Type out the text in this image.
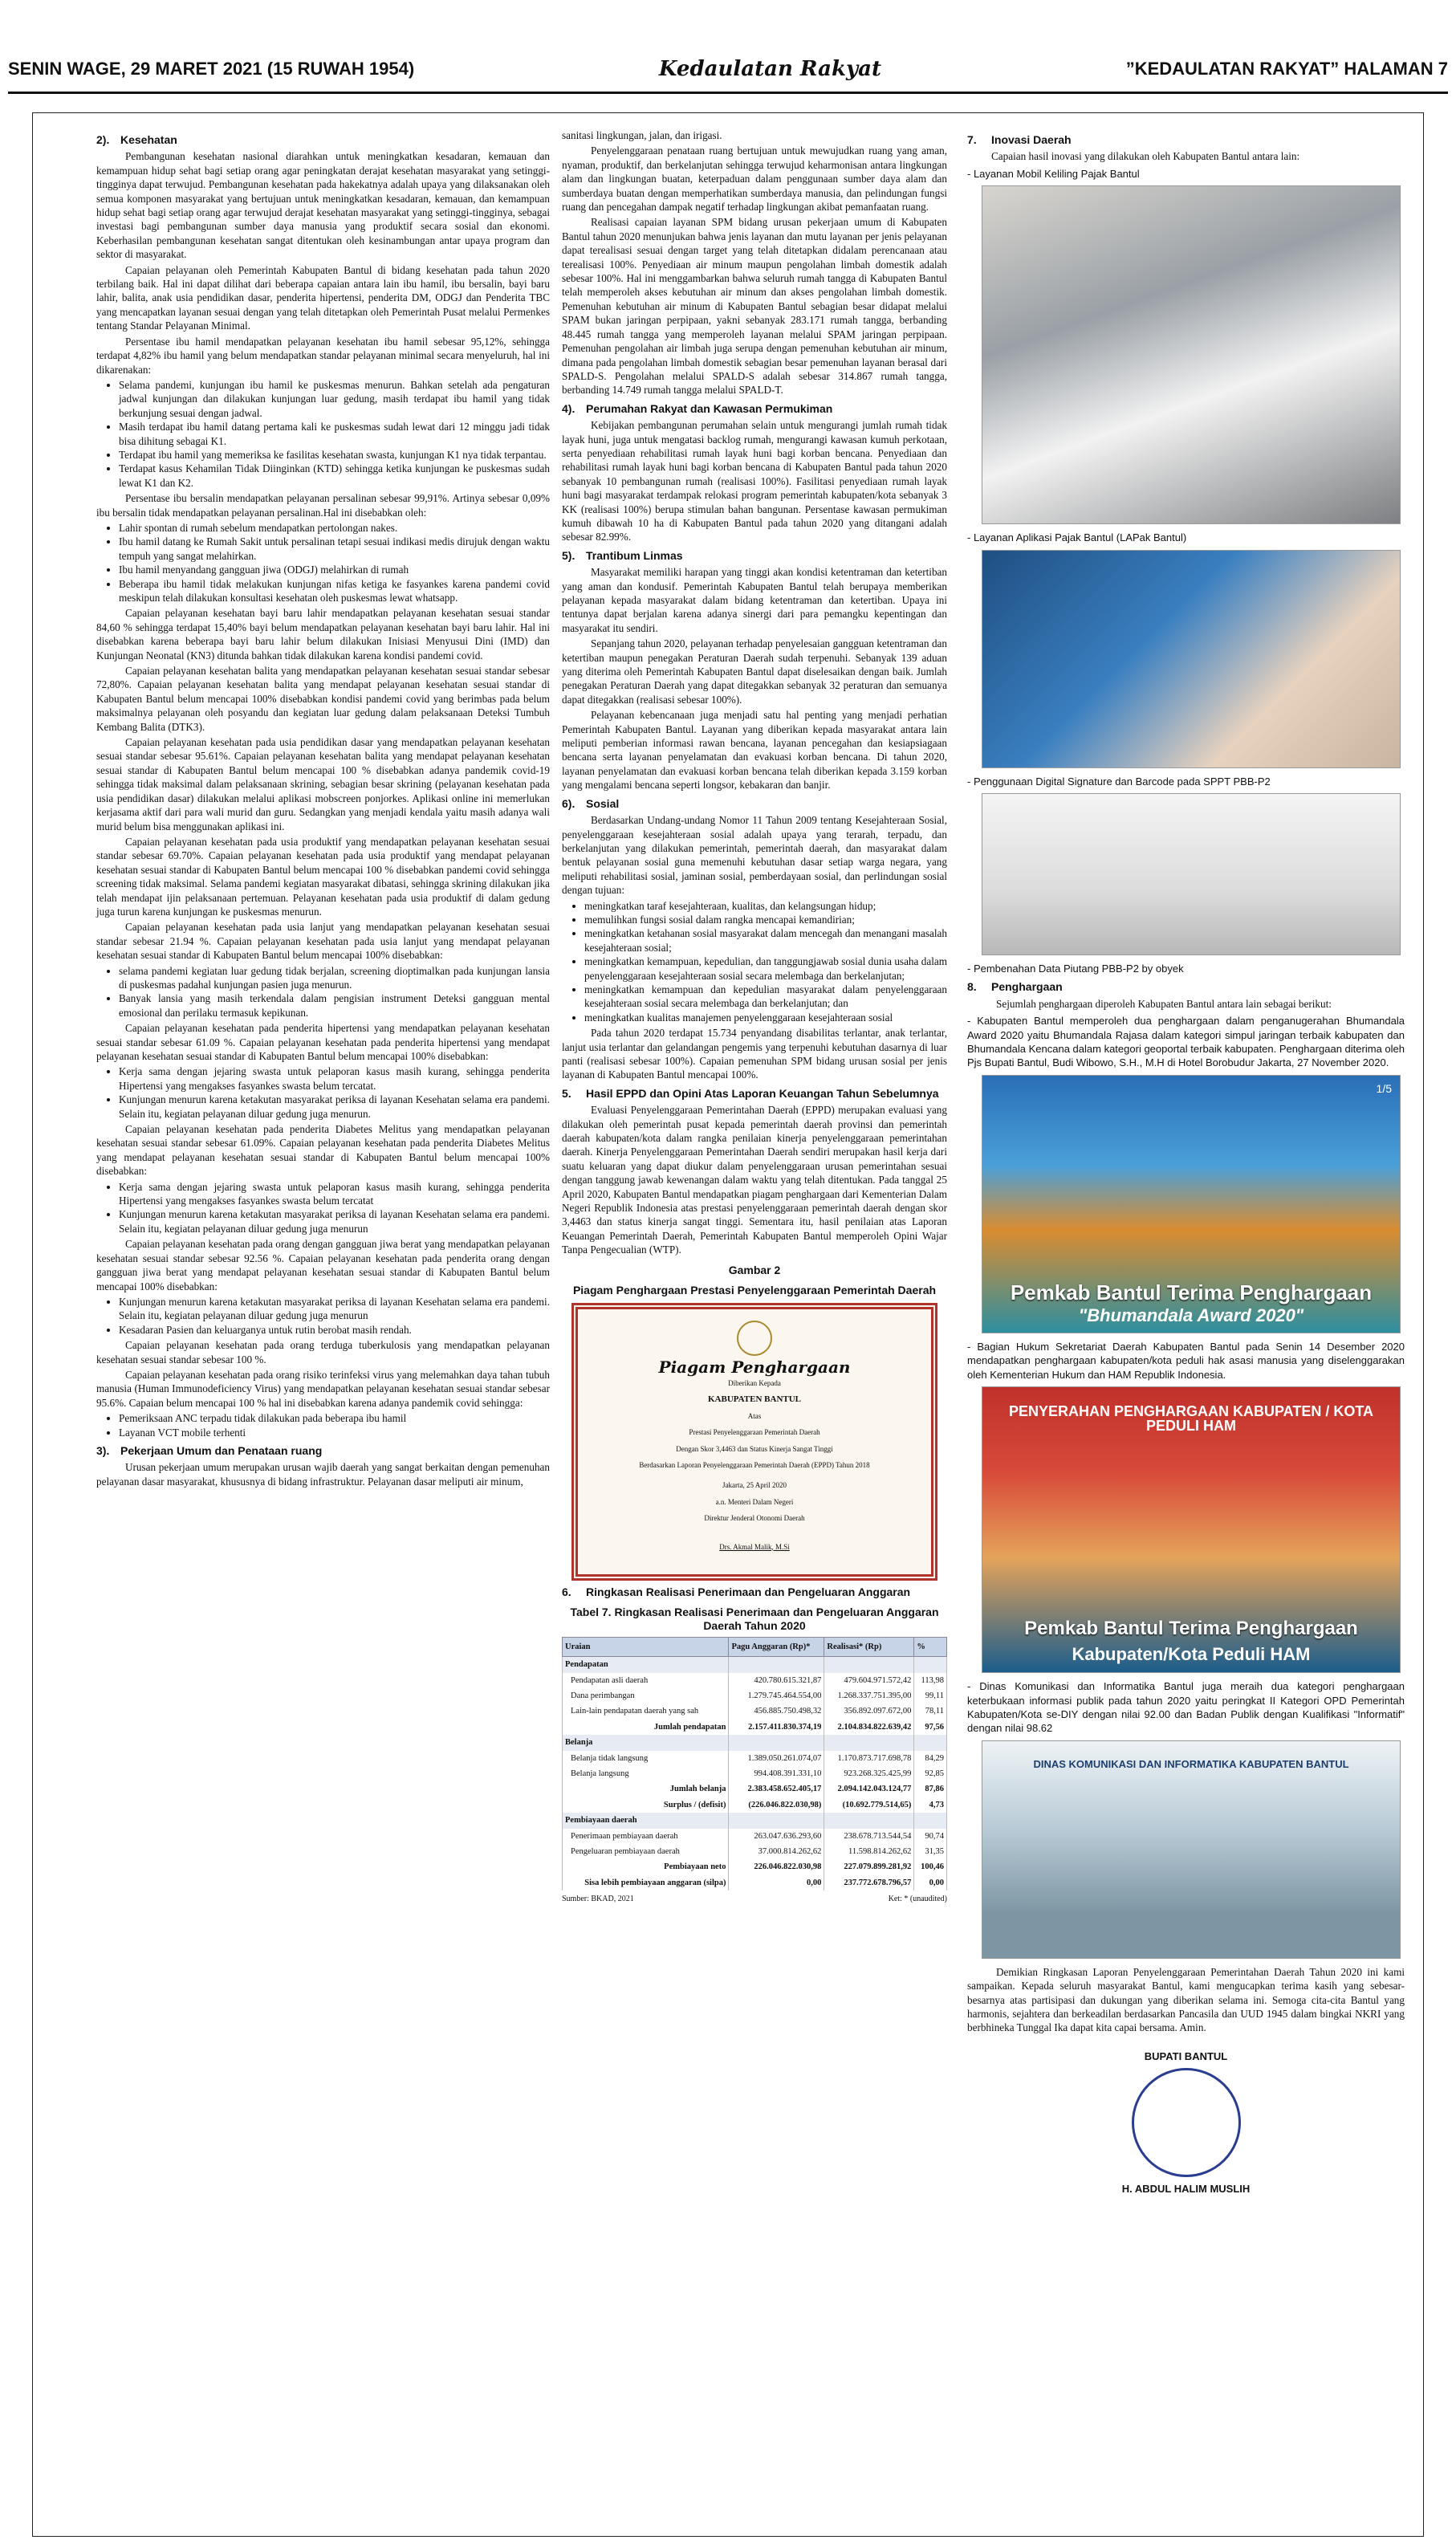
SENIN WAGE, 29 MARET 2021 (15 RUWAH 1954)	Kedaulatan Rakyat	”KEDAULATAN RAKYAT” HALAMAN 7
2). Kesehatan

Pembangunan kesehatan nasional diarahkan untuk meningkatkan kesadaran, kemauan dan kemampuan hidup sehat bagi setiap orang agar peningkatan derajat kesehatan masyarakat yang setinggi-tingginya dapat terwujud. Pembangunan kesehatan pada hakekatnya adalah upaya yang dilaksanakan oleh semua komponen masyarakat yang bertujuan untuk meningkatkan kesadaran, kemauan, dan kemampuan hidup sehat bagi setiap orang agar terwujud derajat kesehatan masyarakat yang setinggi-tingginya, sebagai investasi bagi pembangunan sumber daya manusia yang produktif secara sosial dan ekonomi. Keberhasilan pembangunan kesehatan sangat ditentukan oleh kesinambungan antar upaya program dan sektor di masyarakat.

Capaian pelayanan oleh Pemerintah Kabupaten Bantul di bidang kesehatan pada tahun 2020 terbilang baik. Hal ini dapat dilihat dari beberapa capaian antara lain ibu hamil, ibu bersalin, bayi baru lahir, balita, anak usia pendidikan dasar, penderita hipertensi, penderita DM, ODGJ dan Penderita TBC yang mencapatkan layanan sesuai dengan yang telah ditetapkan oleh Pemerintah Pusat melalui Permenkes tentang Standar Pelayanan Minimal.

Persentase ibu hamil mendapatkan pelayanan kesehatan ibu hamil sebesar 95,12%, sehingga terdapat 4,82% ibu hamil yang belum mendapatkan standar pelayanan minimal secara menyeluruh, hal ini dikarenakan:

• Selama pandemi, kunjungan ibu hamil ke puskesmas menurun. Bahkan setelah ada pengaturan jadwal kunjungan dan dilakukan kunjungan luar gedung, masih terdapat ibu hamil yang tidak berkunjung sesuai dengan jadwal.
• Masih terdapat ibu hamil datang pertama kali ke puskesmas sudah lewat dari 12 minggu jadi tidak bisa dihitung sebagai K1.
• Terdapat ibu hamil yang memeriksa ke fasilitas kesehatan swasta, kunjungan K1 nya tidak terpantau.
• Terdapat kasus Kehamilan Tidak Diinginkan (KTD) sehingga ketika kunjungan ke puskesmas sudah lewat K1 dan K2.

Persentase ibu bersalin mendapatkan pelayanan persalinan sebesar 99,91%. Artinya sebesar 0,09% ibu bersalin tidak mendapatkan pelayanan persalinan.Hal ini disebabkan oleh:

• Lahir spontan di rumah sebelum mendapatkan pertolongan nakes.
• Ibu hamil datang ke Rumah Sakit untuk persalinan tetapi sesuai indikasi medis dirujuk dengan waktu tempuh yang sangat melahirkan.
• Ibu hamil menyandang gangguan jiwa (ODGJ) melahirkan di rumah
• Beberapa ibu hamil tidak melakukan kunjungan nifas ketiga ke fasyankes karena pandemi covid meskipun telah dilakukan konsultasi kesehatan oleh puskesmas lewat whatsapp.

Capaian pelayanan kesehatan bayi baru lahir mendapatkan pelayanan kesehatan sesuai standar 84,60 % sehingga terdapat 15,40% bayi belum mendapatkan pelayanan kesehatan bayi baru lahir. Hal ini disebabkan karena beberapa bayi baru lahir belum dilakukan Inisiasi Menyusui Dini (IMD) dan Kunjungan Neonatal (KN3) ditunda bahkan tidak dilakukan karena kondisi pandemi covid.

Capaian pelayanan kesehatan balita yang mendapatkan pelayanan kesehatan sesuai standar sebesar 72,80%. Capaian pelayanan kesehatan balita yang mendapat pelayanan kesehatan sesuai standar di Kabupaten Bantul belum mencapai 100% disebabkan kondisi pandemi covid yang berimbas pada belum maksimalnya pelayanan oleh posyandu dan kegiatan luar gedung dalam pelaksanaan Deteksi Tumbuh Kembang Balita (DTK3).

Capaian pelayanan kesehatan pada usia pendidikan dasar yang mendapatkan pelayanan kesehatan sesuai standar sebesar 95.61%. Capaian pelayanan kesehatan balita yang mendapat pelayanan kesehatan sesuai standar di Kabupaten Bantul belum mencapai 100 % disebabkan adanya pandemik covid-19 sehingga tidak maksimal dalam pelaksanaan skrining, sebagian besar skrining (pelayanan kesehatan pada usia pendidikan dasar) dilakukan melalui aplikasi mobscreen ponjorkes. Aplikasi online ini memerlukan kerjasama aktif dari para wali murid dan guru. Sedangkan yang menjadi kendala yaitu masih adanya wali murid belum bisa menggunakan aplikasi ini.

Capaian pelayanan kesehatan pada usia produktif yang mendapatkan pelayanan kesehatan sesuai standar sebesar 69.70%. Capaian pelayanan kesehatan pada usia produktif yang mendapat pelayanan kesehatan sesuai standar di Kabupaten Bantul belum mencapai 100 % disebabkan pandemi covid sehingga screening tidak maksimal. Selama pandemi kegiatan masyarakat dibatasi, sehingga skrining dilakukan jika telah mendapat ijin pelaksanaan pertemuan. Pelayanan kesehatan pada usia produktif di dalam gedung juga turun karena kunjungan ke puskesmas menurun.

Capaian pelayanan kesehatan pada usia lanjut yang mendapatkan pelayanan kesehatan sesuai standar sebesar 21.94 %. Capaian pelayanan kesehatan pada usia lanjut yang mendapat pelayanan kesehatan sesuai standar di Kabupaten Bantul belum mencapai 100% disebabkan:

• selama pandemi kegiatan luar gedung tidak berjalan, screening dioptimalkan pada kunjungan lansia di puskesmas padahal kunjungan pasien juga menurun.
• Banyak lansia yang masih terkendala dalam pengisian instrument Deteksi gangguan mental emosional dan perilaku termasuk kepikunan.

Capaian pelayanan kesehatan pada penderita hipertensi yang mendapatkan pelayanan kesehatan sesuai standar sebesar 61.09 %. Capaian pelayanan kesehatan pada penderita hipertensi yang mendapat pelayanan kesehatan sesuai standar di Kabupaten Bantul belum mencapai 100% disebabkan:

• Kerja sama dengan jejaring swasta untuk pelaporan kasus masih kurang, sehingga penderita Hipertensi yang mengakses fasyankes swasta belum tercatat.
• Kunjungan menurun karena ketakutan masyarakat periksa di layanan Kesehatan selama era pandemi. Selain itu, kegiatan pelayanan diluar gedung juga menurun.

Capaian pelayanan kesehatan pada penderita Diabetes Melitus yang mendapatkan pelayanan kesehatan sesuai standar sebesar 61.09%. Capaian pelayanan kesehatan pada penderita Diabetes Melitus yang mendapat pelayanan kesehatan sesuai standar di Kabupaten Bantul belum mencapai 100% disebabkan:

• Kerja sama dengan jejaring swasta untuk pelaporan kasus masih kurang, sehingga penderita Hipertensi yang mengakses fasyankes swasta belum tercatat
• Kunjungan menurun karena ketakutan masyarakat periksa di layanan Kesehatan selama era pandemi. Selain itu, kegiatan pelayanan diluar gedung juga menurun

Capaian pelayanan kesehatan pada orang dengan gangguan jiwa berat yang mendapatkan pelayanan kesehatan sesuai standar sebesar 92.56 %. Capaian pelayanan kesehatan pada penderita orang dengan gangguan jiwa berat yang mendapat pelayanan kesehatan sesuai standar di Kabupaten Bantul belum mencapai 100% disebabkan:

• Kunjungan menurun karena ketakutan masyarakat periksa di layanan Kesehatan selama era pandemi. Selain itu, kegiatan pelayanan diluar gedung juga menurun
• Kesadaran Pasien dan keluarganya untuk rutin berobat masih rendah.

Capaian pelayanan kesehatan pada orang terduga tuberkulosis yang mendapatkan pelayanan kesehatan sesuai standar sebesar 100 %.

Capaian pelayanan kesehatan pada orang risiko terinfeksi virus yang melemahkan daya tahan tubuh manusia (Human Immunodeficiency Virus) yang mendapatkan pelayanan kesehatan sesuai standar sebesar 95.6%. Capaian belum mencapai 100 % hal ini disebabkan karena adanya pandemik covid sehingga:

• Pemeriksaan ANC terpadu tidak dilakukan pada beberapa ibu hamil
• Layanan VCT mobile terhenti
3). Pekerjaan Umum dan Penataan ruang

Urusan pekerjaan umum merupakan urusan wajib daerah yang sangat berkaitan dengan pemenuhan pelayanan dasar masyarakat, khususnya di bidang infrastruktur. Pelayanan dasar meliputi air minum,

sanitasi lingkungan, jalan, dan irigasi.

Penyelenggaraan penataan ruang bertujuan untuk mewujudkan ruang yang aman, nyaman, produktif, dan berkelanjutan sehingga terwujud keharmonisan antara lingkungan alam dan lingkungan buatan, keterpaduan dalam penggunaan sumber daya alam dan sumberdaya buatan dengan memperhatikan sumberdaya manusia, dan pelindungan fungsi ruang dan pencegahan dampak negatif terhadap lingkungan akibat pemanfaatan ruang.

Realisasi capaian layanan SPM bidang urusan pekerjaan umum di Kabupaten Bantul tahun 2020 menunjukan bahwa jenis layanan dan mutu layanan per jenis pelayanan dapat terealisasi sesuai dengan target yang telah ditetapkan didalam perencanaan atau terealisasi 100%. Penyediaan air minum maupun pengolahan limbah domestik adalah sebesar 100%. Hal ini menggambarkan bahwa seluruh rumah tangga di Kabupaten Bantul telah memperoleh akses kebutuhan air minum dan akses pengolahan limbah domestik. Pemenuhan kebutuhan air minum di Kabupaten Bantul sebagian besar didapat melalui SPAM bukan jaringan perpipaan, yakni sebanyak 283.171 rumah tangga, berbanding 48.445 rumah tangga yang memperoleh layanan melalui SPAM jaringan perpipaan. Pemenuhan pengolahan air limbah juga serupa dengan pemenuhan kebutuhan air minum, dimana pada pengolahan limbah domestik sebagian besar pemenuhan layanan berasal dari SPALD-S. Pengolahan melalui SPALD-S adalah sebesar 314.867 rumah tangga, berbanding 14.749 rumah tangga melalui SPALD-T.

4). Perumahan Rakyat dan Kawasan Permukiman

Kebijakan pembangunan perumahan selain untuk mengurangi jumlah rumah tidak layak huni, juga untuk mengatasi backlog rumah, mengurangi kawasan kumuh perkotaan, serta penyediaan rehabilitasi rumah layak huni bagi korban bencana. Penyediaan dan rehabilitasi rumah layak huni bagi korban bencana di Kabupaten Bantul pada tahun 2020 sebanyak 10 pembangunan rumah (realisasi 100%). Fasilitasi penyediaan rumah layak huni bagi masyarakat terdampak relokasi program pemerintah kabupaten/kota sebanyak 3 KK (realisasi 100%) berupa stimulan bahan bangunan. Persentase kawasan permukiman kumuh dibawah 10 ha di Kabupaten Bantul pada tahun 2020 yang ditangani adalah sebesar 82.99%.

5). Trantibum Linmas

Masyarakat memiliki harapan yang tinggi akan kondisi ketentraman dan ketertiban yang aman dan kondusif. Pemerintah Kabupaten Bantul telah berupaya memberikan pelayanan kepada masyarakat dalam bidang ketentraman dan ketertiban. Upaya ini tentunya dapat berjalan karena adanya sinergi dari para pemangku kepentingan dan masyarakat itu sendiri.

Sepanjang tahun 2020, pelayanan terhadap penyelesaian gangguan ketentraman dan ketertiban maupun penegakan Peraturan Daerah sudah terpenuhi. Sebanyak 139 aduan yang diterima oleh Pemerintah Kabupaten Bantul dapat diselesaikan dengan baik. Jumlah penegakan Peraturan Daerah yang dapat ditegakkan sebanyak 32 peraturan dan semuanya dapat ditegakkan (realisasi sebesar 100%).

Pelayanan kebencanaan juga menjadi satu hal penting yang menjadi perhatian Pemerintah Kabupaten Bantul. Layanan yang diberikan kepada masyarakat antara lain meliputi pemberian informasi rawan bencana, layanan pencegahan dan kesiapsiagaan bencana serta layanan penyelamatan dan evakuasi korban bencana. Di tahun 2020, layanan penyelamatan dan evakuasi korban bencana telah diberikan kepada 3.159 korban yang mengalami bencana seperti longsor, kebakaran dan banjir.

6). Sosial

Berdasarkan Undang-undang Nomor 11 Tahun 2009 tentang Kesejahteraan Sosial, penyelenggaraan kesejahteraan sosial adalah upaya yang terarah, terpadu, dan berkelanjutan yang dilakukan pemerintah, pemerintah daerah, dan masyarakat dalam bentuk pelayanan sosial guna memenuhi kebutuhan dasar setiap warga negara, yang meliputi rehabilitasi sosial, jaminan sosial, pemberdayaan sosial, dan perlindungan sosial dengan tujuan:

• meningkatkan taraf kesejahteraan, kualitas, dan kelangsungan hidup;
• memulihkan fungsi sosial dalam rangka mencapai kemandirian;
• meningkatkan ketahanan sosial masyarakat dalam mencegah dan menangani masalah kesejahteraan sosial;
• meningkatkan kemampuan, kepedulian, dan tanggungjawab sosial dunia usaha dalam penyelenggaraan kesejahteraan sosial secara melembaga dan berkelanjutan;
• meningkatkan kemampuan dan kepedulian masyarakat dalam penyelenggaraan kesejahteraan sosial secara melembaga dan berkelanjutan; dan
• meningkatkan kualitas manajemen penyelenggaraan kesejahteraan sosial

Pada tahun 2020 terdapat 15.734 penyandang disabilitas terlantar, anak terlantar, lanjut usia terlantar dan gelandangan pengemis yang terpenuhi kebutuhan dasarnya di luar panti (realisasi sebesar 100%). Capaian pemenuhan SPM bidang urusan sosial per jenis layanan di Kabupaten Bantul mencapai 100%.

5. Hasil EPPD dan Opini Atas Laporan Keuangan Tahun Sebelumnya

Evaluasi Penyelenggaraan Pemerintahan Daerah (EPPD) merupakan evaluasi yang dilakukan oleh pemerintah pusat kepada pemerintah daerah provinsi dan pemerintah daerah kabupaten/kota dalam rangka penilaian kinerja penyelenggaraan pemerintahan daerah. Kinerja Penyelenggaraan Pemerintahan Daerah sendiri merupakan hasil kerja dari suatu keluaran yang dapat diukur dalam penyelenggaraan urusan pemerintahan sesuai dengan tanggung jawab kewenangan dalam waktu yang telah ditentukan. Pada tanggal 25 April 2020, Kabupaten Bantul mendapatkan piagam penghargaan dari Kementerian Dalam Negeri Republik Indonesia atas prestasi penyelenggaraan pemerintah daerah dengan skor 3,4463 dan status kinerja sangat tinggi. Sementara itu, hasil penilaian atas Laporan Keuangan Pemerintah Daerah, Pemerintah Kabupaten Bantul memperoleh Opini Wajar Tanpa Pengecualian (WTP).

Gambar 2
Piagam Penghargaan Prestasi Penyelenggaraan Pemerintah Daerah
Piagam Penghargaan
Diberikan Kepada
KABUPATEN BANTUL
Atas
Prestasi Penyelenggaraan Pemerintah Daerah
Dengan Skor 3,4463 dan Status Kinerja Sangat Tinggi
Berdasarkan Laporan Penyelenggaraan Pemerintah Daerah (EPPD) Tahun 2018
Jakarta, 25 April 2020
a.n. Menteri Dalam Negeri
Direktur Jenderal Otonomi Daerah
Drs. Akmal Malik, M.Si
6. Ringkasan Realisasi Penerimaan dan Pengeluaran Anggaran
Tabel 7. Ringkasan Realisasi Penerimaan dan Pengeluaran Anggaran Daerah Tahun 2020
Uraian	Pagu Anggaran (Rp)*	Realisasi* (Rp)	%
Pendapatan			
Pendapatan asli daerah	420.780.615.321,87	479.604.971.572,42	113,98
Dana perimbangan	1.279.745.464.554,00	1.268.337.751.395,00	99,11
Lain-lain pendapatan daerah yang sah	456.885.750.498,32	356.892.097.672,00	78,11
Jumlah pendapatan	2.157.411.830.374,19	2.104.834.822.639,42	97,56
Belanja			
Belanja tidak langsung	1.389.050.261.074,07	1.170.873.717.698,78	84,29
Belanja langsung	994.408.391.331,10	923.268.325.425,99	92,85
Jumlah belanja	2.383.458.652.405,17	2.094.142.043.124,77	87,86
Surplus / (defisit)	(226.046.822.030,98)	(10.692.779.514,65)	4,73
Pembiayaan daerah			
Penerimaan pembiayaan daerah	263.047.636.293,60	238.678.713.544,54	90,74
Pengeluaran pembiayaan daerah	37.000.814.262,62	11.598.814.262,62	31,35
Pembiayaan neto	226.046.822.030,98	227.079.899.281,92	100,46
Sisa lebih pembiayaan anggaran (silpa)	0,00	237.772.678.796,57	0,00
Sumber: BKAD, 2021	Ket: * (unaudited)
7. Inovasi Daerah

Capaian hasil inovasi yang dilakukan oleh Kabupaten Bantul antara lain:

- Layanan Mobil Keliling Pajak Bantul
- Layanan Aplikasi Pajak Bantul (LAPak Bantul)
- Penggunaan Digital Signature dan Barcode pada SPPT PBB-P2
- Pembenahan Data Piutang PBB-P2 by obyek
8. Penghargaan

Sejumlah penghargaan diperoleh Kabupaten Bantul antara lain sebagai berikut:

- Kabupaten Bantul memperoleh dua penghargaan dalam penganugerahan Bhumandala Award 2020 yaitu Bhumandala Rajasa dalam kategori simpul jaringan terbaik kabupaten dan Bhumandala Kencana dalam kategori geoportal terbaik kabupaten. Penghargaan diterima oleh Pjs Bupati Bantul, Budi Wibowo, S.H., M.H di Hotel Borobudur Jakarta, 27 November 2020.
1/5
Pemkab Bantul Terima Penghargaan
"Bhumandala Award 2020"
- Bagian Hukum Sekretariat Daerah Kabupaten Bantul pada Senin 14 Desember 2020 mendapatkan penghargaan kabupaten/kota peduli hak asasi manusia yang diselenggarakan oleh Kementerian Hukum dan HAM Republik Indonesia.
PENYERAHAN PENGHARGAAN KABUPATEN / KOTA PEDULI HAM
Pemkab Bantul Terima Penghargaan
Kabupaten/Kota Peduli HAM
- Dinas Komunikasi dan Informatika Bantul juga meraih dua kategori penghargaan keterbukaan informasi publik pada tahun 2020 yaitu peringkat II Kategori OPD Pemerintah Kabupaten/Kota se-DIY dengan nilai 92.00 dan Badan Publik dengan Kualifikasi "Informatif" dengan nilai 98.62
DINAS KOMUNIKASI DAN INFORMATIKA KABUPATEN BANTUL

Demikian Ringkasan Laporan Penyelenggaraan Pemerintahan Daerah Tahun 2020 ini kami sampaikan. Kepada seluruh masyarakat Bantul, kami mengucapkan terima kasih yang sebesar-besarnya atas partisipasi dan dukungan yang diberikan selama ini. Semoga cita-cita Bantul yang harmonis, sejahtera dan berkeadilan berdasarkan Pancasila dan UUD 1945 dalam bingkai NKRI yang berbhineka Tunggal Ika dapat kita capai bersama. Amin.

BUPATI BANTUL
H. ABDUL HALIM MUSLIH
